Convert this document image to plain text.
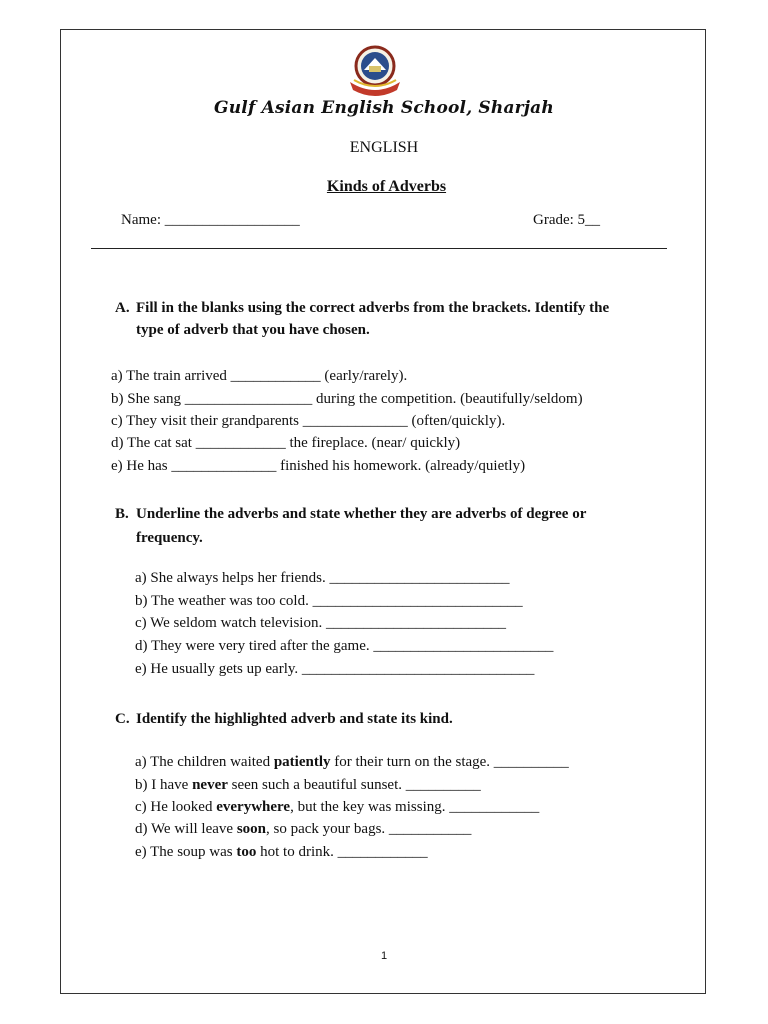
Gulf Asian English School, Sharjah
ENGLISH
Kinds of Adverbs
Name: __________________	Grade: 5__
A. Fill in the blanks using the correct adverbs from the brackets. Identify the
type of adverb that you have chosen.
a) The train arrived ____________ (early/rarely).
b) She sang _________________ during the competition. (beautifully/seldom)
c) They visit their grandparents ______________ (often/quickly).
d) The cat sat ____________ the fireplace. (near/ quickly)
e) He has ______________ finished his homework. (already/quietly)
B. Underline the adverbs and state whether they are adverbs of degree or
frequency.
a) She always helps her friends. ________________________
b) The weather was too cold. ____________________________
c) We seldom watch television. ________________________
d) They were very tired after the game. ________________________
e) He usually gets up early. _______________________________
C. Identify the highlighted adverb and state its kind.
a) The children waited patiently for their turn on the stage. __________
b) I have never seen such a beautiful sunset. __________
c) He looked everywhere, but the key was missing. ____________
d) We will leave soon, so pack your bags. ___________
e) The soup was too hot to drink. ____________
1
